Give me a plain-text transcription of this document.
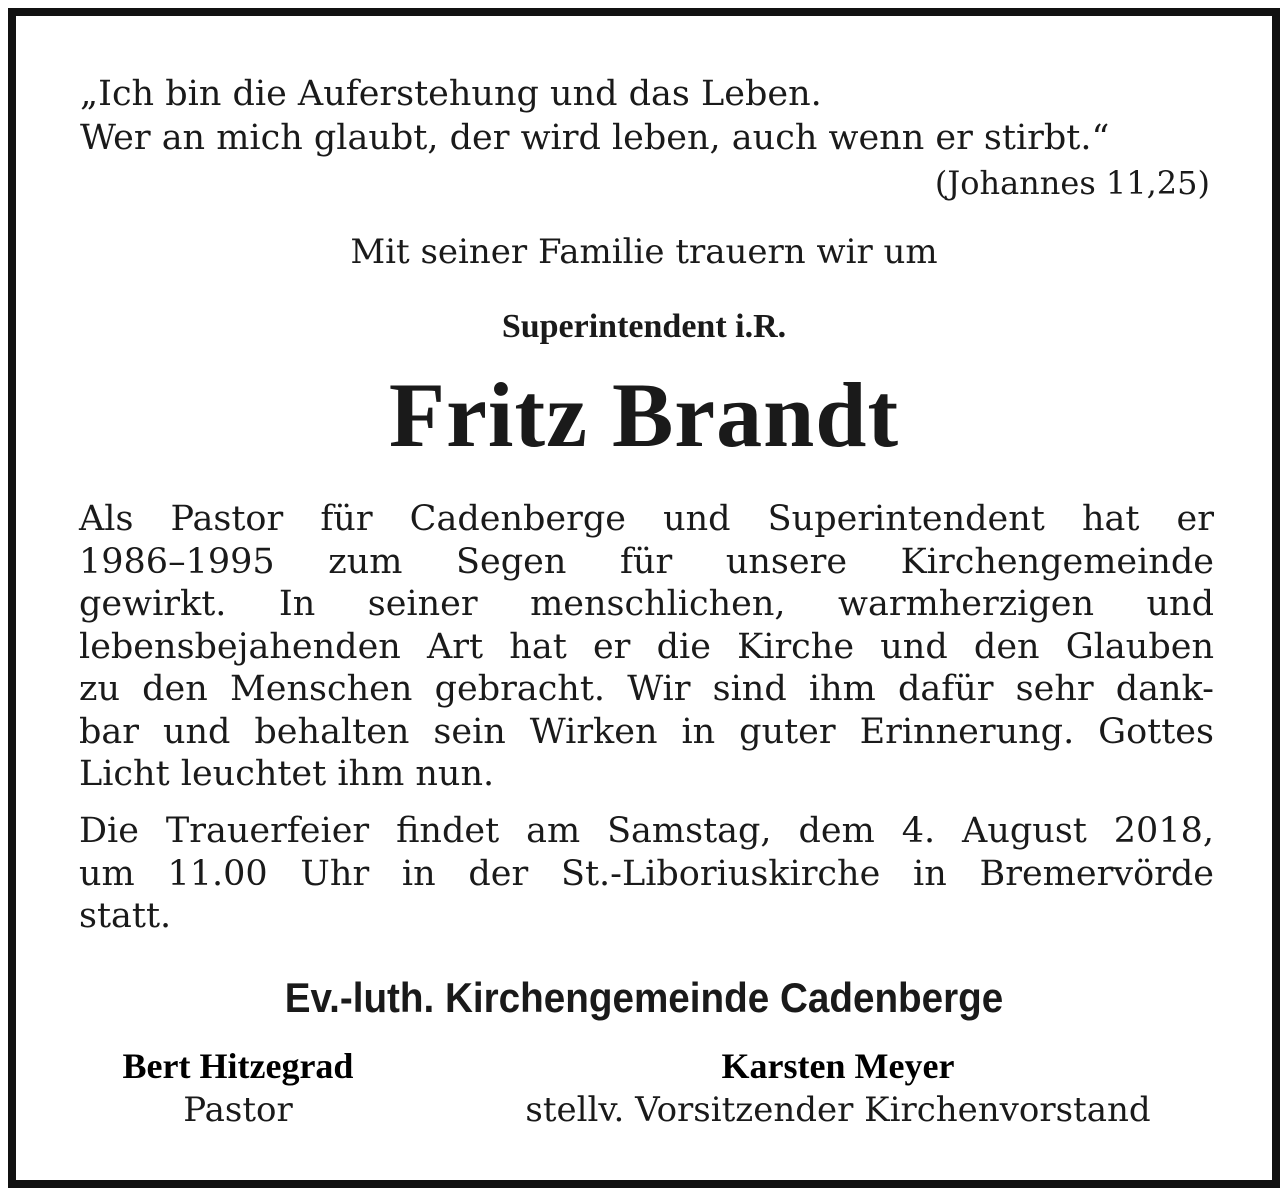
„Ich bin die Auferstehung und das Leben.
Wer an mich glaubt, der wird leben, auch wenn er stirbt.“
(Johannes 11,25)
Mit seiner Familie trauern wir um
Superintendent i.R.
Fritz Brandt
Als Pastor für Cadenberge und Superintendent hat er
1986–1995 zum Segen für unsere Kirchengemeinde
gewirkt. In seiner menschlichen, warmherzigen und
lebensbejahenden Art hat er die Kirche und den Glauben
zu den Menschen gebracht. Wir sind ihm dafür sehr dank-
bar und behalten sein Wirken in guter Erinnerung. Gottes
Licht leuchtet ihm nun.
Die Trauerfeier findet am Samstag, dem 4. August 2018,
um 11.00 Uhr in der St.-Liboriuskirche in Bremervörde
statt.
Ev.-luth. Kirchengemeinde Cadenberge
Bert Hitzegrad
Pastor
Karsten Meyer
stellv. Vorsitzender Kirchenvorstand
